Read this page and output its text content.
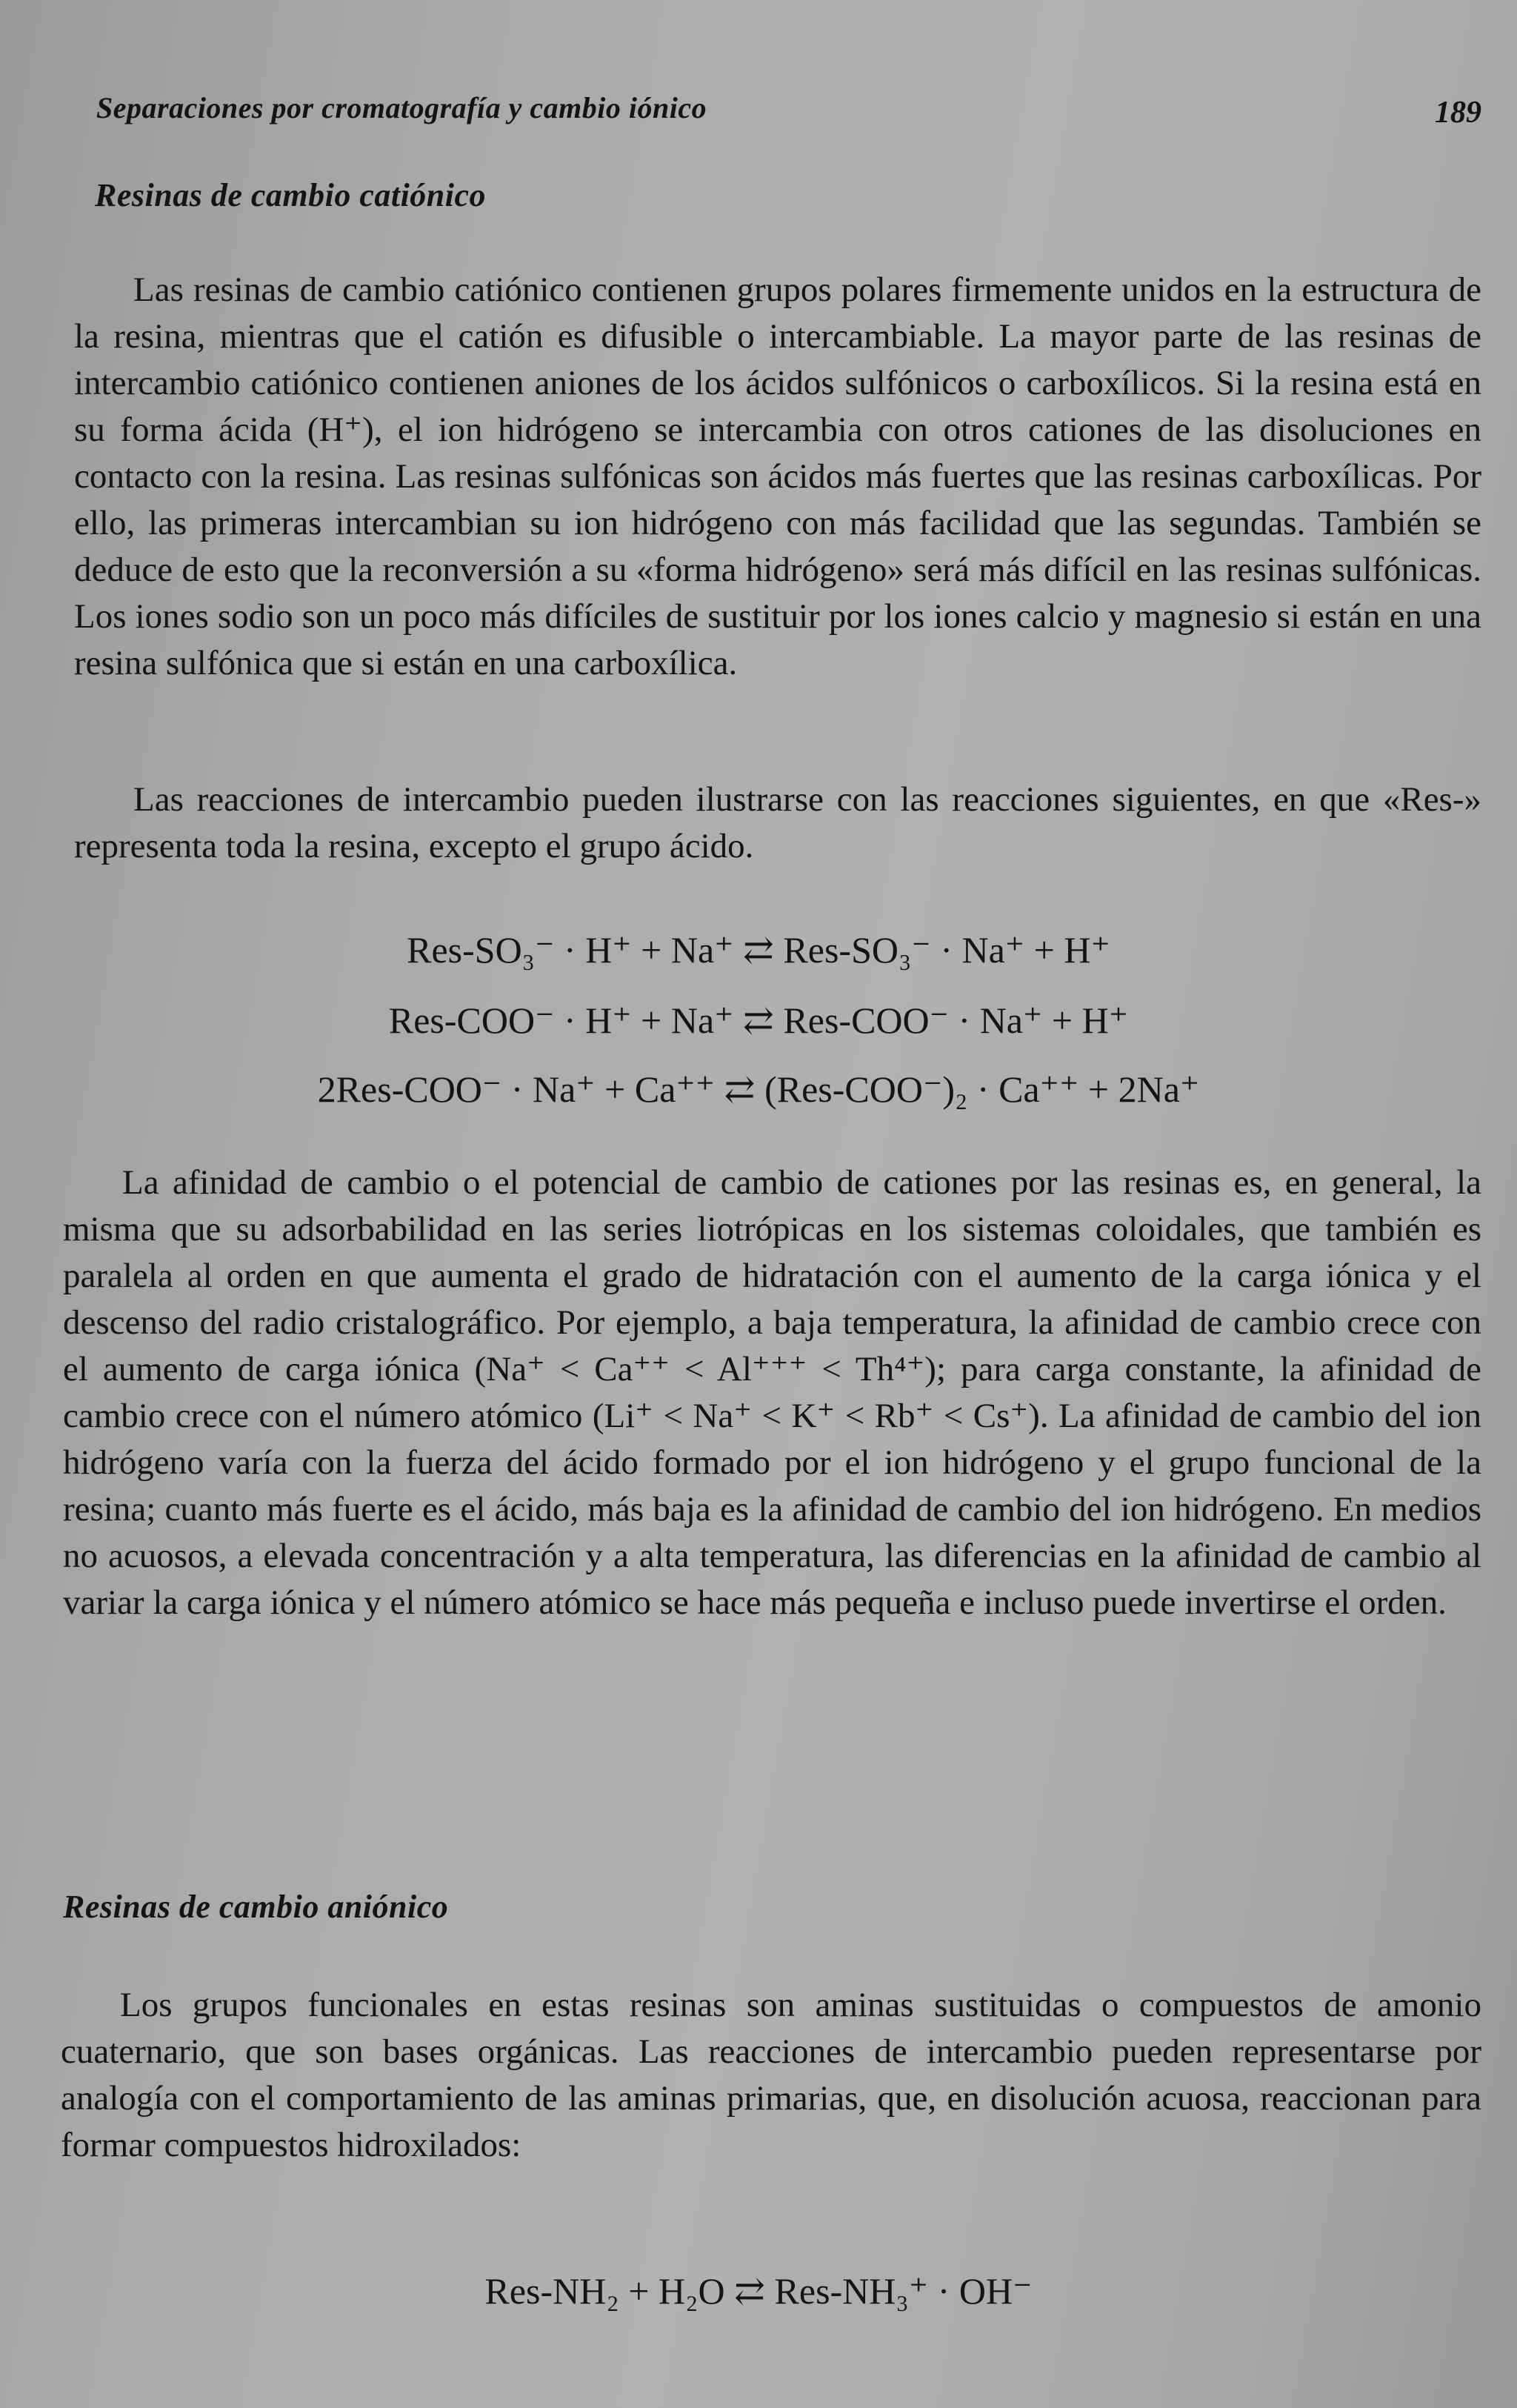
Separaciones por cromatografía y cambio iónico	189
Resinas de cambio catiónico

Las resinas de cambio catiónico contienen grupos polares firmemente unidos en la estructura de la resina, mientras que el catión es difusible o intercambiable. La mayor parte de las resinas de intercambio catiónico contienen aniones de los ácidos sulfónicos o carboxílicos. Si la resina está en su forma ácida (H⁺), el ion hidrógeno se intercambia con otros cationes de las disoluciones en contacto con la resina. Las resinas sulfónicas son ácidos más fuertes que las resinas carboxílicas. Por ello, las primeras intercambian su ion hidrógeno con más facilidad que las segundas. También se deduce de esto que la reconversión a su «forma hidrógeno» será más difícil en las resinas sulfónicas. Los iones sodio son un poco más difíciles de sustituir por los iones calcio y magnesio si están en una resina sulfónica que si están en una carboxílica.

Las reacciones de intercambio pueden ilustrarse con las reacciones siguientes, en que «Res-» representa toda la resina, excepto el grupo ácido.

Res-SO₃⁻ · H⁺ + Na⁺ ⇄ Res-SO₃⁻ · Na⁺ + H⁺
Res-COO⁻ · H⁺ + Na⁺ ⇄ Res-COO⁻ · Na⁺ + H⁺
2Res-COO⁻ · Na⁺ + Ca⁺⁺ ⇄ (Res-COO⁻)₂ · Ca⁺⁺ + 2Na⁺

La afinidad de cambio o el potencial de cambio de cationes por las resinas es, en general, la misma que su adsorbabilidad en las series liotrópicas en los sistemas coloidales, que también es paralela al orden en que aumenta el grado de hidratación con el aumento de la carga iónica y el descenso del radio cristalográfico. Por ejemplo, a baja temperatura, la afinidad de cambio crece con el aumento de carga iónica (Na⁺ < Ca⁺⁺ < Al⁺⁺⁺ < Th⁴⁺); para carga constante, la afinidad de cambio crece con el número atómico (Li⁺ < Na⁺ < K⁺ < Rb⁺ < Cs⁺). La afinidad de cambio del ion hidrógeno varía con la fuerza del ácido formado por el ion hidrógeno y el grupo funcional de la resina; cuanto más fuerte es el ácido, más baja es la afinidad de cambio del ion hidrógeno. En medios no acuosos, a elevada concentración y a alta temperatura, las diferencias en la afinidad de cambio al variar la carga iónica y el número atómico se hace más pequeña e incluso puede invertirse el orden.

Resinas de cambio aniónico

Los grupos funcionales en estas resinas son aminas sustituidas o compuestos de amonio cuaternario, que son bases orgánicas. Las reacciones de intercambio pueden representarse por analogía con el comportamiento de las aminas primarias, que, en disolución acuosa, reaccionan para formar compuestos hidroxilados:

Res-NH₂ + H₂O ⇄ Res-NH₃⁺ · OH⁻
